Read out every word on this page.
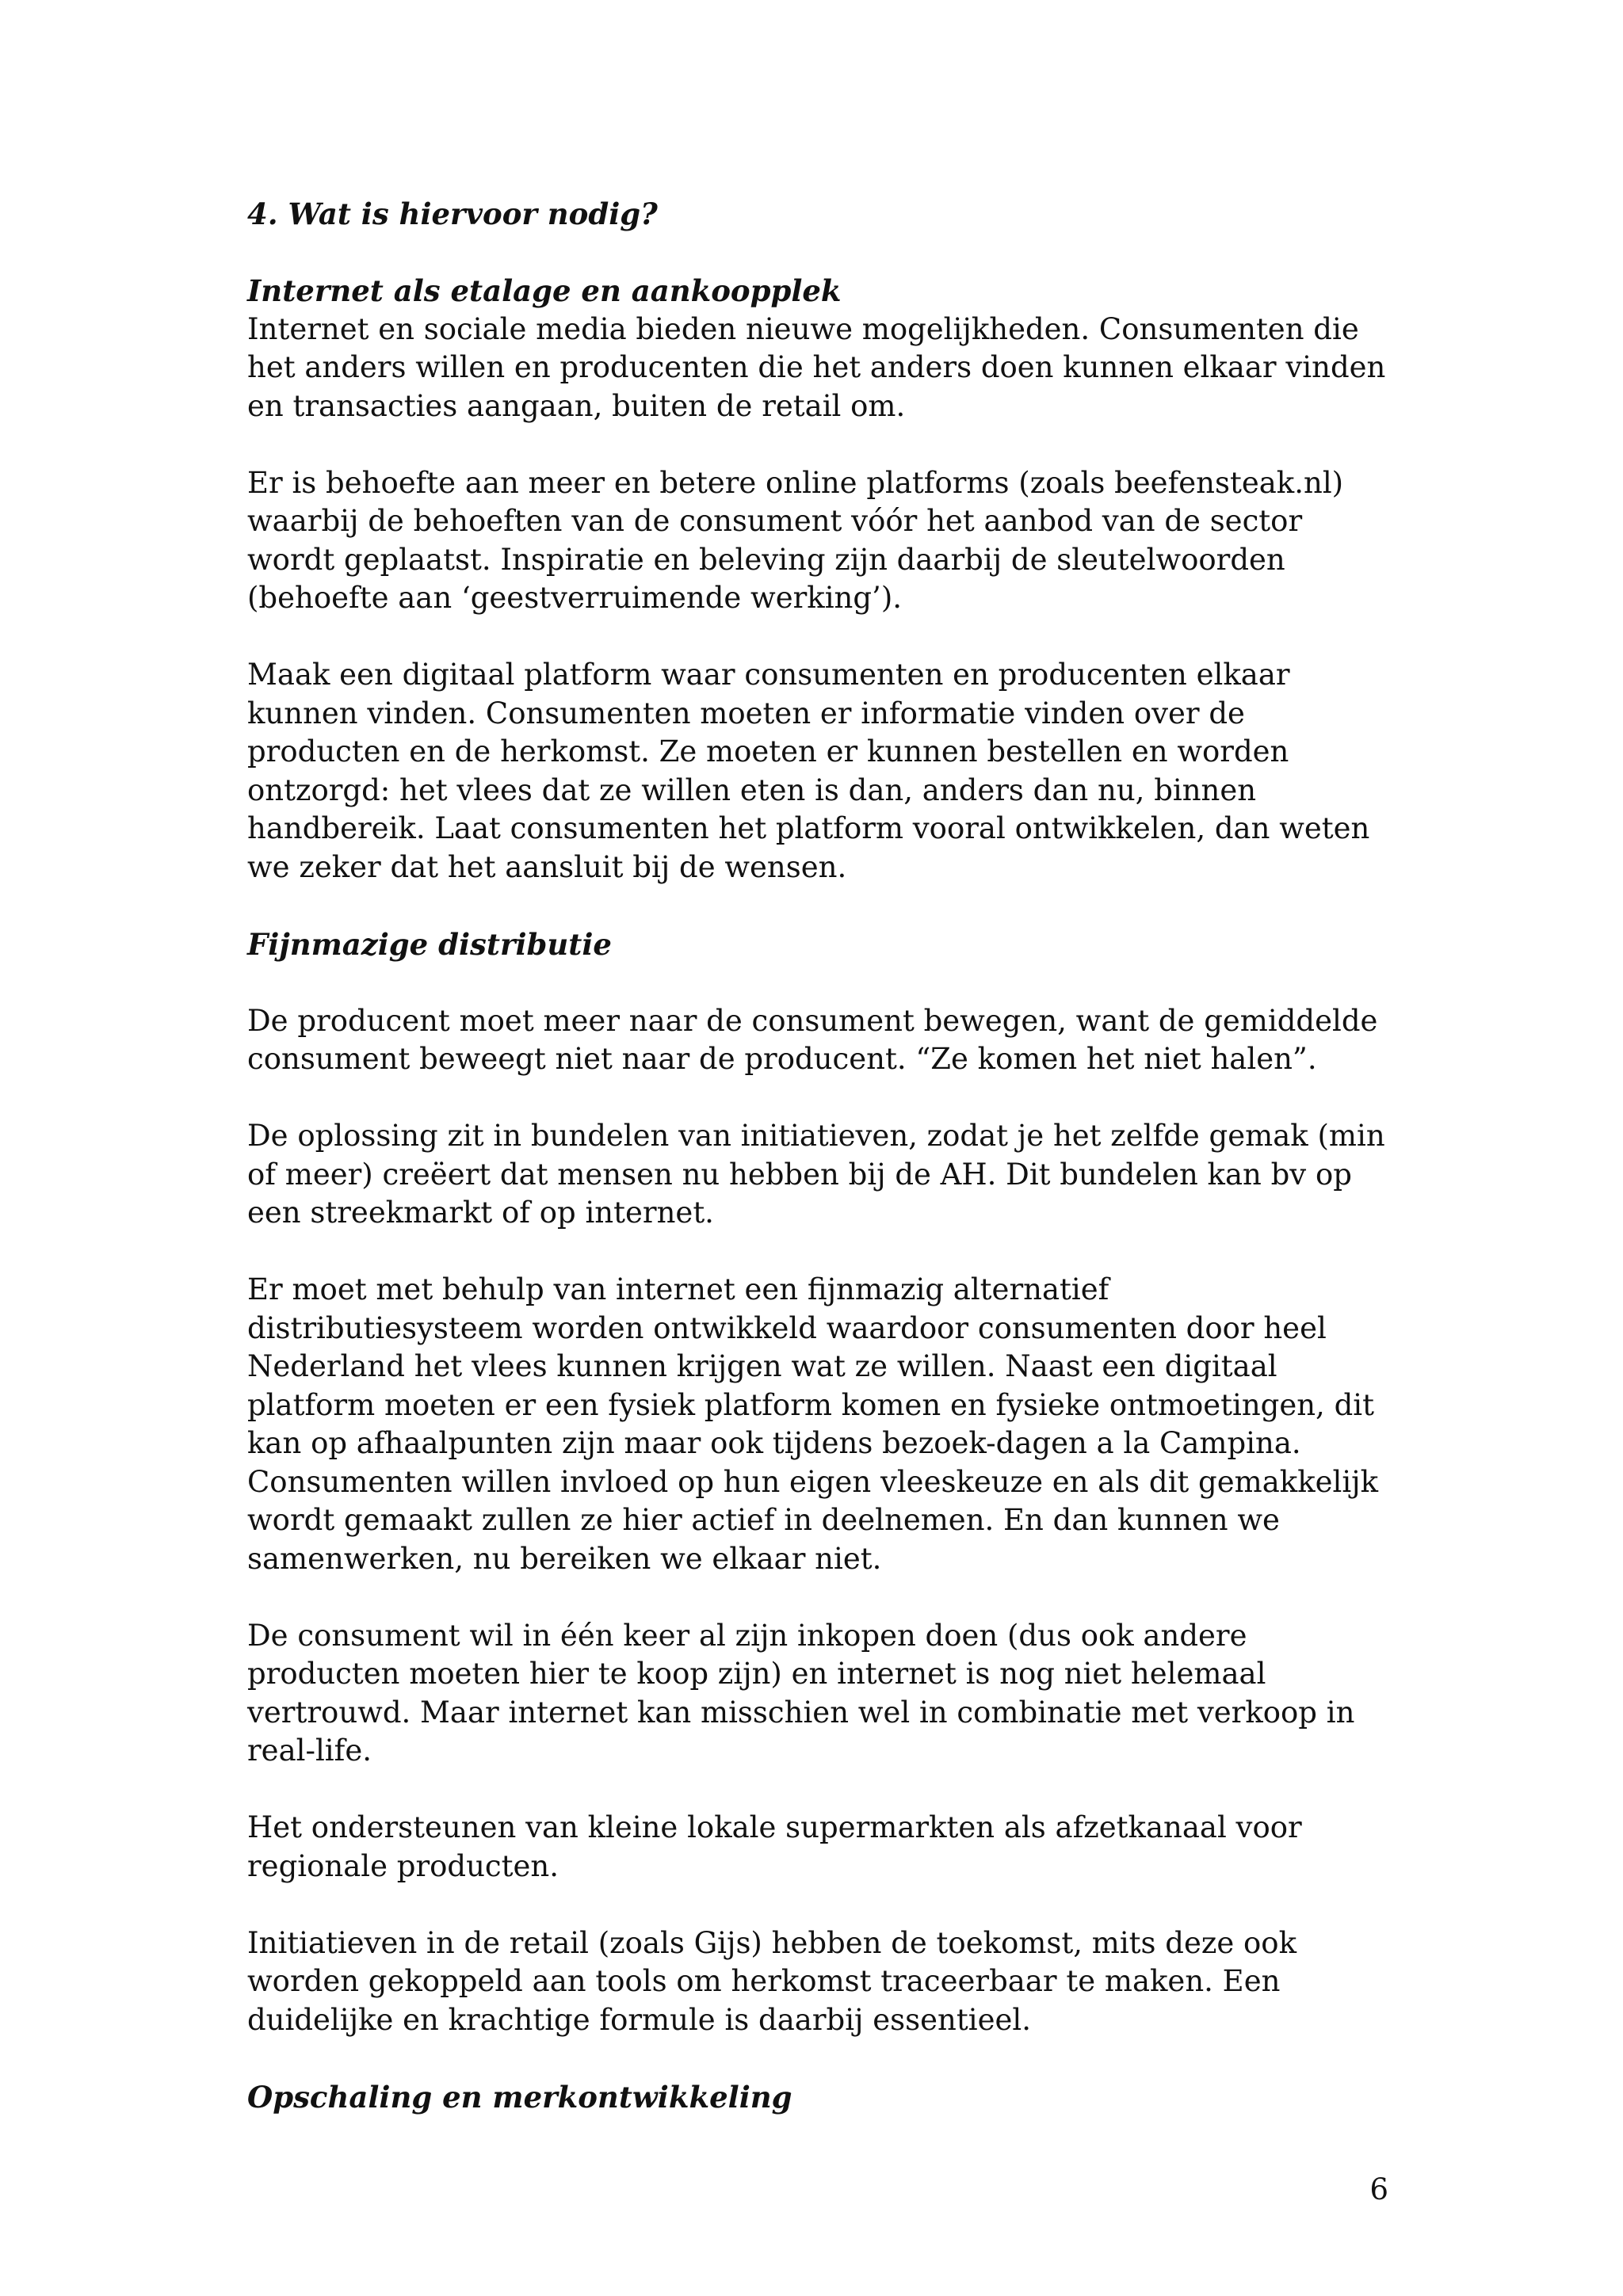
4. Wat is hiervoor nodig?

Internet als etalage en aankoopplek

Internet en sociale media bieden nieuwe mogelijkheden. Consumenten die het anders willen en producenten die het anders doen kunnen elkaar vinden en transacties aangaan, buiten de retail om.

Er is behoefte aan meer en betere online platforms (zoals beefensteak.nl) waarbij de behoeften van de consument vóór het aanbod van de sector wordt geplaatst. Inspiratie en beleving zijn daarbij de sleutelwoorden (behoefte aan ‘geestverruimende werking’).

Maak een digitaal platform waar consumenten en producenten elkaar kunnen vinden. Consumenten moeten er informatie vinden over de producten en de herkomst. Ze moeten er kunnen bestellen en worden ontzorgd: het vlees dat ze willen eten is dan, anders dan nu, binnen handbereik. Laat consumenten het platform vooral ontwikkelen, dan weten we zeker dat het aansluit bij de wensen.

Fijnmazige distributie

De producent moet meer naar de consument bewegen, want de gemiddelde consument beweegt niet naar de producent. “Ze komen het niet halen”.

De oplossing zit in bundelen van initiatieven, zodat je het zelfde gemak (min of meer) creëert dat mensen nu hebben bij de AH. Dit bundelen kan bv op een streekmarkt of op internet.

Er moet met behulp van internet een fijnmazig alternatief distributiesysteem worden ontwikkeld waardoor consumenten door heel Nederland het vlees kunnen krijgen wat ze willen. Naast een digitaal platform moeten er een fysiek platform komen en fysieke ontmoetingen, dit kan op afhaalpunten zijn maar ook tijdens bezoek-dagen a la Campina. Consumenten willen invloed op hun eigen vleeskeuze en als dit gemakkelijk wordt gemaakt zullen ze hier actief in deelnemen. En dan kunnen we samenwerken, nu bereiken we elkaar niet.

De consument wil in één keer al zijn inkopen doen (dus ook andere producten moeten hier te koop zijn) en internet is nog niet helemaal vertrouwd. Maar internet kan misschien wel in combinatie met verkoop in real-life.

Het ondersteunen van kleine lokale supermarkten als afzetkanaal voor regionale producten.

Initiatieven in de retail (zoals Gijs) hebben de toekomst, mits deze ook worden gekoppeld aan tools om herkomst traceerbaar te maken. Een duidelijke en krachtige formule is daarbij essentieel.

Opschaling en merkontwikkeling

6
